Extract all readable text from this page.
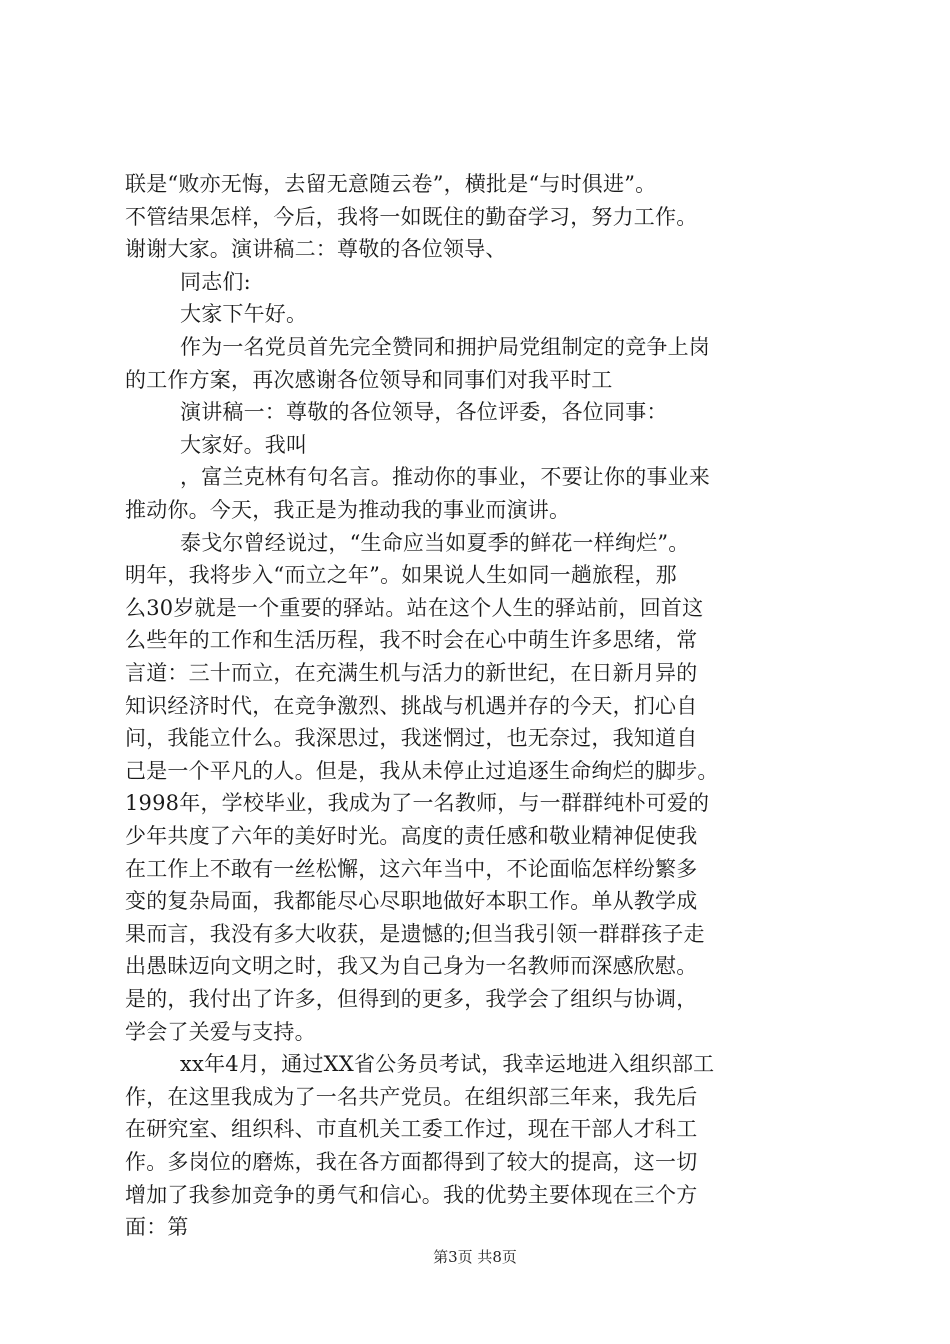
联是“败亦无悔，去留无意随云卷”，横批是“与时俱进”。
不管结果怎样，今后，我将一如既住的勤奋学习，努力工作。
谢谢大家。演讲稿二：尊敬的各位领导、
同志们:
大家下午好。
作为一名党员首先完全赞同和拥护局党组制定的竞争上岗
的工作方案，再次感谢各位领导和同事们对我平时工
演讲稿一：尊敬的各位领导，各位评委，各位同事：
大家好。我叫
，富兰克林有句名言。推动你的事业，不要让你的事业来
推动你。今天，我正是为推动我的事业而演讲。
泰戈尔曾经说过，“生命应当如夏季的鲜花一样绚烂”。
明年，我将步入“而立之年”。如果说人生如同一趟旅程，那
么30岁就是一个重要的驿站。站在这个人生的驿站前，回首这
么些年的工作和生活历程，我不时会在心中萌生许多思绪，常
言道：三十而立，在充满生机与活力的新世纪，在日新月异的
知识经济时代，在竞争激烈、挑战与机遇并存的今天，扪心自
问，我能立什么。我深思过，我迷惘过，也无奈过，我知道自
己是一个平凡的人。但是，我从未停止过追逐生命绚烂的脚步。
1998年，学校毕业，我成为了一名教师，与一群群纯朴可爱的
少年共度了六年的美好时光。高度的责任感和敬业精神促使我
在工作上不敢有一丝松懈，这六年当中，不论面临怎样纷繁多
变的复杂局面，我都能尽心尽职地做好本职工作。单从教学成
果而言，我没有多大收获，是遗憾的;但当我引领一群群孩子走
出愚昧迈向文明之时，我又为自己身为一名教师而深感欣慰。
是的，我付出了许多，但得到的更多，我学会了组织与协调，
学会了关爱与支持。
xx年4月，通过XX省公务员考试，我幸运地进入组织部工
作，在这里我成为了一名共产党员。在组织部三年来，我先后
在研究室、组织科、市直机关工委工作过，现在干部人才科工
作。多岗位的磨炼，我在各方面都得到了较大的提高，这一切
增加了我参加竞争的勇气和信心。我的优势主要体现在三个方
面：第
第3页 共8页
